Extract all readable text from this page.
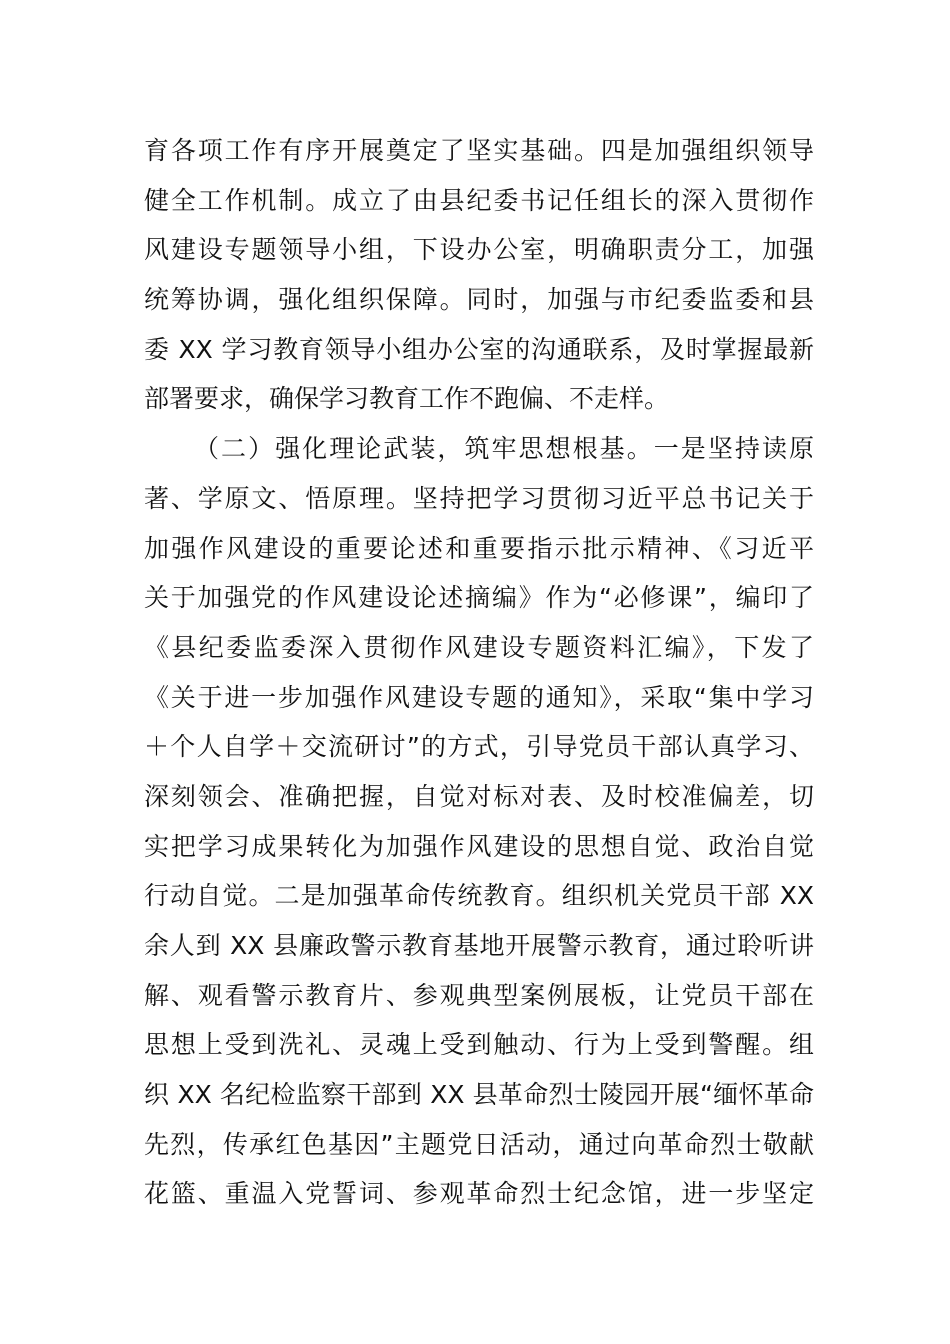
育各项工作有序开展奠定了坚实基础。四是加强组织领导
健全工作机制。成立了由县纪委书记任组长的深入贯彻作
风建设专题领导小组，下设办公室，明确职责分工，加强
统筹协调，强化组织保障。同时，加强与市纪委监委和县
委 XX 学习教育领导小组办公室的沟通联系，及时掌握最新
部署要求，确保学习教育工作不跑偏、不走样。
（二）强化理论武装，筑牢思想根基。一是坚持读原
著、学原文、悟原理。坚持把学习贯彻习近平总书记关于
加强作风建设的重要论述和重要指示批示精神、《习近平
关于加强党的作风建设论述摘编》作为“必修课”，编印了
《县纪委监委深入贯彻作风建设专题资料汇编》，下发了
《关于进一步加强作风建设专题的通知》，采取“集中学习
＋个人自学＋交流研讨”的方式，引导党员干部认真学习、
深刻领会、准确把握，自觉对标对表、及时校准偏差，切
实把学习成果转化为加强作风建设的思想自觉、政治自觉
行动自觉。二是加强革命传统教育。组织机关党员干部 XX
余人到 XX 县廉政警示教育基地开展警示教育，通过聆听讲
解、观看警示教育片、参观典型案例展板，让党员干部在
思想上受到洗礼、灵魂上受到触动、行为上受到警醒。组
织 XX 名纪检监察干部到 XX 县革命烈士陵园开展“缅怀革命
先烈，传承红色基因”主题党日活动，通过向革命烈士敬献
花篮、重温入党誓词、参观革命烈士纪念馆，进一步坚定
